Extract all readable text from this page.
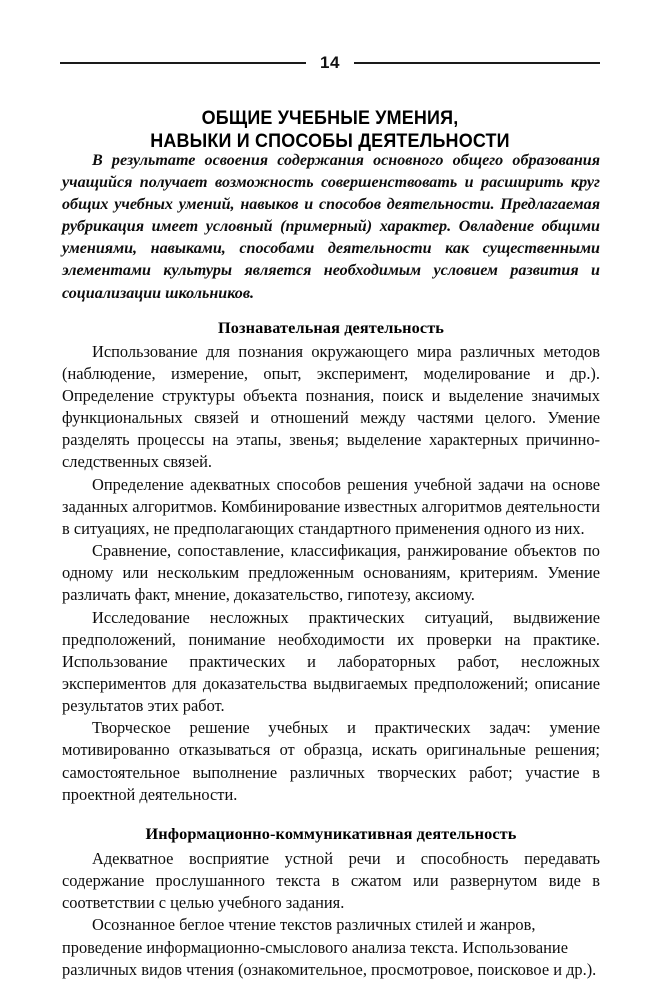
14
ОБЩИЕ УЧЕБНЫЕ УМЕНИЯ,
НАВЫКИ И СПОСОБЫ ДЕЯТЕЛЬНОСТИ

В результате освоения содержания основного общего образования учащийся получает возможность совершенствовать и расширить круг общих учебных умений, навыков и способов деятельности. Предлагаемая рубрикация имеет условный (примерный) характер. Овладение общими умениями, навыками, способами деятельности как существенными элементами культуры является необходимым условием развития и социализации школьников.

Познавательная деятельность

Использование для познания окружающего мира различных методов (наблюдение, измерение, опыт, эксперимент, моделирование и др.). Определение структуры объекта познания, поиск и выделение значимых функциональных связей и отношений между частями целого. Умение разделять процессы на этапы, звенья; выделение характерных причинно-следственных связей.

Определение адекватных способов решения учебной задачи на основе заданных алгоритмов. Комбинирование известных алгоритмов деятельности в ситуациях, не предполагающих стандартного применения одного из них.

Сравнение, сопоставление, классификация, ранжирование объектов по одному или нескольким предложенным основаниям, критериям. Умение различать факт, мнение, доказательство, гипотезу, аксиому.

Исследование несложных практических ситуаций, выдвижение предположений, понимание необходимости их проверки на практике. Использование практических и лабораторных работ, несложных экспериментов для доказательства выдвигаемых предположений; описание результатов этих работ.

Творческое решение учебных и практических задач: умение мотивированно отказываться от образца, искать оригинальные решения; самостоятельное выполнение различных творческих работ; участие в проектной деятельности.

Информационно-коммуникативная деятельность

Адекватное восприятие устной речи и способность передавать содержание прослушанного текста в сжатом или развернутом виде в соответствии с целью учебного задания.

Осознанное беглое чтение текстов различных стилей и жанров, проведение информационно-смыслового анализа текста. Использование различных видов чтения (ознакомительное, просмотровое, поисковое и др.).
